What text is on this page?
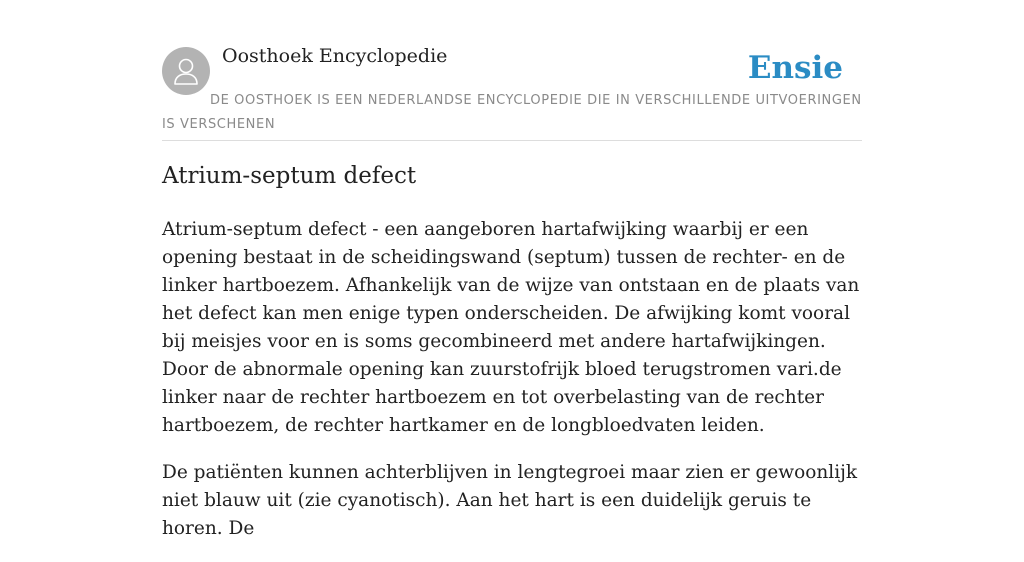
Oosthoek Encyclopedie	Ensie
DE OOSTHOEK IS EEN NEDERLANDSE ENCYCLOPEDIE DIE IN VERSCHILLENDE UITVOERINGEN IS VERSCHENEN
Atrium-septum defect

Atrium-septum defect - een aangeboren hartafwijking waarbij er een opening bestaat in de scheidingswand (septum) tussen de rechter- en de linker hartboezem. Afhankelijk van de wijze van ontstaan en de plaats van het defect kan men enige typen onderscheiden. De afwijking komt vooral bij meisjes voor en is soms gecombineerd met andere hartafwijkingen. Door de abnormale opening kan zuurstofrijk bloed terugstromen vari.de linker naar de rechter hartboezem en tot overbelasting van de rechter hartboezem, de rechter hartkamer en de longbloedvaten leiden.

De patiënten kunnen achterblijven in lengtegroei maar zien er gewoonlijk niet blauw uit (zie cyanotisch). Aan het hart is een duidelijk geruis te horen. De
